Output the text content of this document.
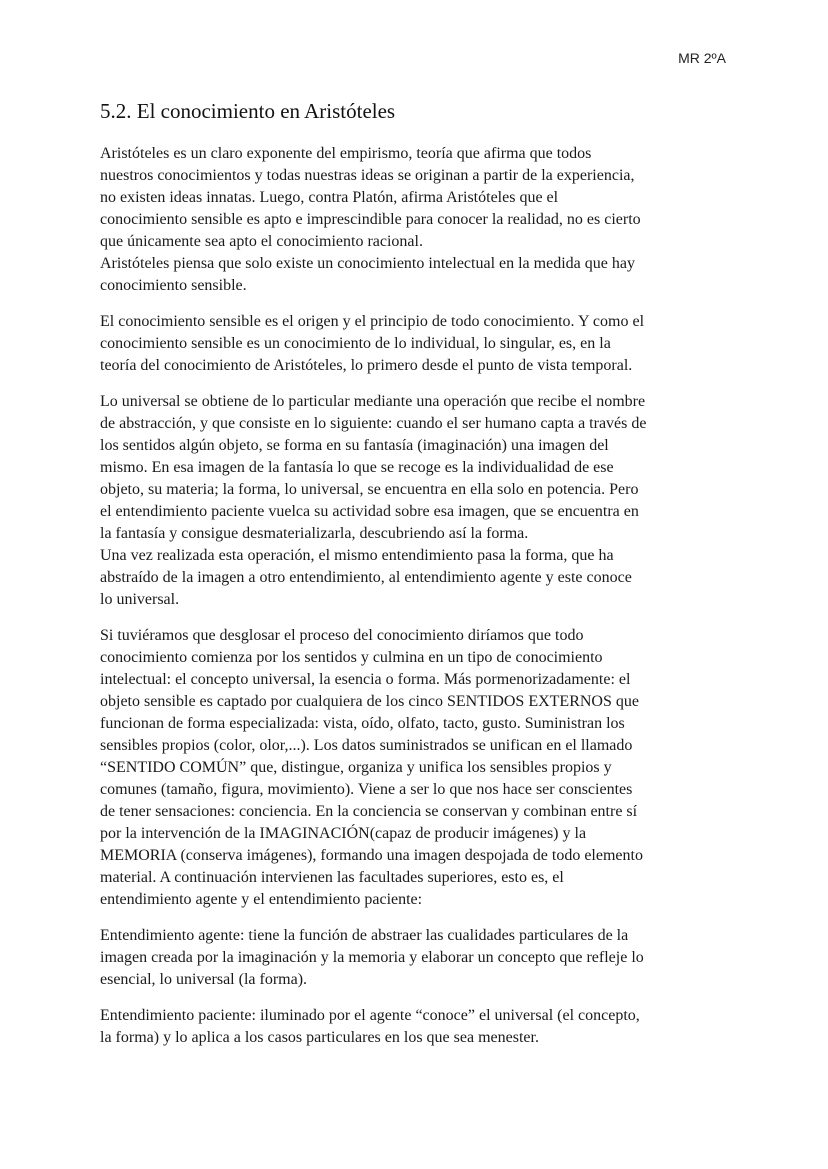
MR 2ºA
5.2. El conocimiento en Aristóteles

Aristóteles es un claro exponente del empirismo, teoría que afirma que todos
nuestros conocimientos y todas nuestras ideas se originan a partir de la experiencia,
no existen ideas innatas. Luego, contra Platón, afirma Aristóteles que el
conocimiento sensible es apto e imprescindible para conocer la realidad, no es cierto
que únicamente sea apto el conocimiento racional.
Aristóteles piensa que solo existe un conocimiento intelectual en la medida que hay
conocimiento sensible.

El conocimiento sensible es el origen y el principio de todo conocimiento. Y como el
conocimiento sensible es un conocimiento de lo individual, lo singular, es, en la
teoría del conocimiento de Aristóteles, lo primero desde el punto de vista temporal.

Lo universal se obtiene de lo particular mediante una operación que recibe el nombre
de abstracción, y que consiste en lo siguiente: cuando el ser humano capta a través de
los sentidos algún objeto, se forma en su fantasía (imaginación) una imagen del
mismo. En esa imagen de la fantasía lo que se recoge es la individualidad de ese
objeto, su materia; la forma, lo universal, se encuentra en ella solo en potencia. Pero
el entendimiento paciente vuelca su actividad sobre esa imagen, que se encuentra en
la fantasía y consigue desmaterializarla, descubriendo así la forma.
Una vez realizada esta operación, el mismo entendimiento pasa la forma, que ha
abstraído de la imagen a otro entendimiento, al entendimiento agente y este conoce
lo universal.

Si tuviéramos que desglosar el proceso del conocimiento diríamos que todo
conocimiento comienza por los sentidos y culmina en un tipo de conocimiento
intelectual: el concepto universal, la esencia o forma. Más pormenorizadamente: el
objeto sensible es captado por cualquiera de los cinco SENTIDOS EXTERNOS que
funcionan de forma especializada: vista, oído, olfato, tacto, gusto. Suministran los
sensibles propios (color, olor,...). Los datos suministrados se unifican en el llamado
“SENTIDO COMÚN” que, distingue, organiza y unifica los sensibles propios y
comunes (tamaño, figura, movimiento). Viene a ser lo que nos hace ser conscientes
de tener sensaciones: conciencia. En la conciencia se conservan y combinan entre sí
por la intervención de la IMAGINACIÓN(capaz de producir imágenes) y la
MEMORIA (conserva imágenes), formando una imagen despojada de todo elemento
material. A continuación intervienen las facultades superiores, esto es, el
entendimiento agente y el entendimiento paciente:

Entendimiento agente: tiene la función de abstraer las cualidades particulares de la
imagen creada por la imaginación y la memoria y elaborar un concepto que refleje lo
esencial, lo universal (la forma).

Entendimiento paciente: iluminado por el agente “conoce” el universal (el concepto,
la forma) y lo aplica a los casos particulares en los que sea menester.
